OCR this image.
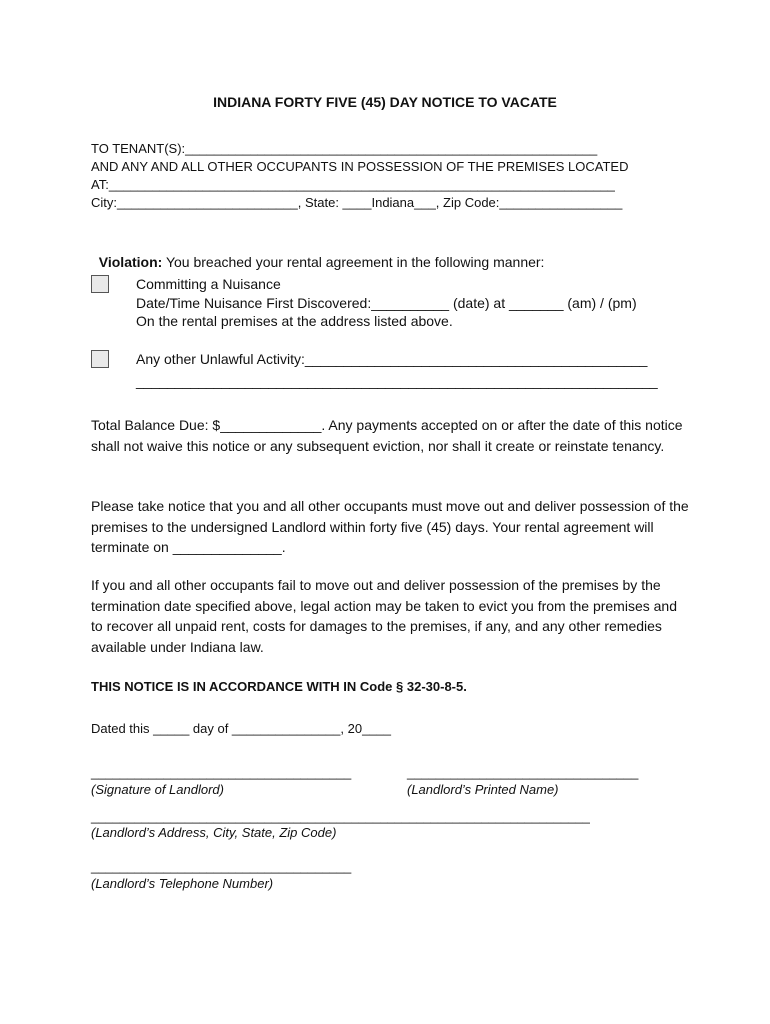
INDIANA FORTY FIVE (45) DAY NOTICE TO VACATE
TO TENANT(S):_________________________________________________________
AND ANY AND ALL OTHER OCCUPANTS IN POSSESSION OF THE PREMISES LOCATED
AT:______________________________________________________________________
City:_________________________, State: ____Indiana___, Zip Code:_________________

Violation: You breached your rental agreement in the following manner:

Committing a Nuisance
Date/Time Nuisance First Discovered:__________ (date) at _______ (am) / (pm)
On the rental premises at the address listed above.
Any other Unlawful Activity:____________________________________________
___________________________________________________________________
Total Balance Due: $_____________. Any payments accepted on or after the date of this notice shall not waive this notice or any subsequent eviction, nor shall it create or reinstate tenancy.
Please take notice that you and all other occupants must move out and deliver possession of the premises to the undersigned Landlord within forty five (45) days. Your rental agreement will terminate on ______________.
If you and all other occupants fail to move out and deliver possession of the premises by the termination date specified above, legal action may be taken to evict you from the premises and to recover all unpaid rent, costs for damages to the premises, if any, and any other remedies available under Indiana law.
THIS NOTICE IS IN ACCORDANCE WITH IN Code § 32-30-8-5.
Dated this _____ day of _______________, 20____
____________________________________
(Signature of Landlord)
________________________________
(Landlord’s Printed Name)
_____________________________________________________________________
(Landlord’s Address, City, State, Zip Code)
____________________________________
(Landlord’s Telephone Number)
